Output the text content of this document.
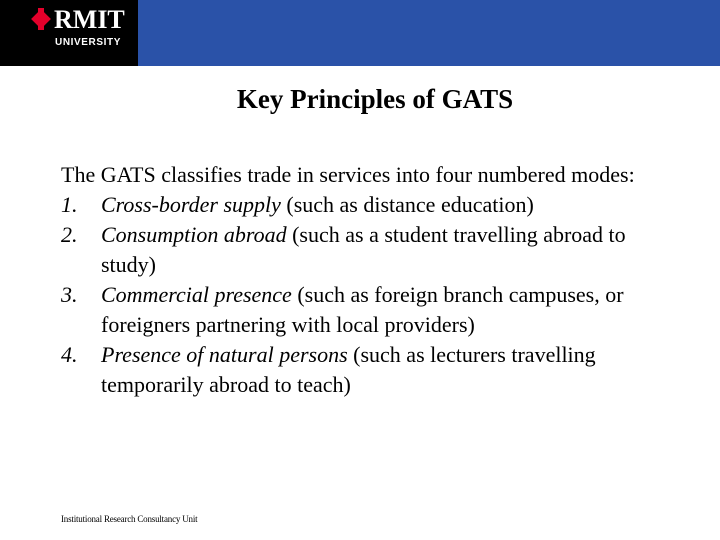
RMIT
UNIVERSITY
Key Principles of GATS

The GATS classifies trade in services into four numbered modes:

1. Cross-border supply (such as distance education)
2. Consumption abroad (such as a student travelling abroad to study)
3. Commercial presence (such as foreign branch campuses, or foreigners partnering with local providers)
4. Presence of natural persons (such as lecturers travelling temporarily abroad to teach)
Institutional Research Consultancy Unit
